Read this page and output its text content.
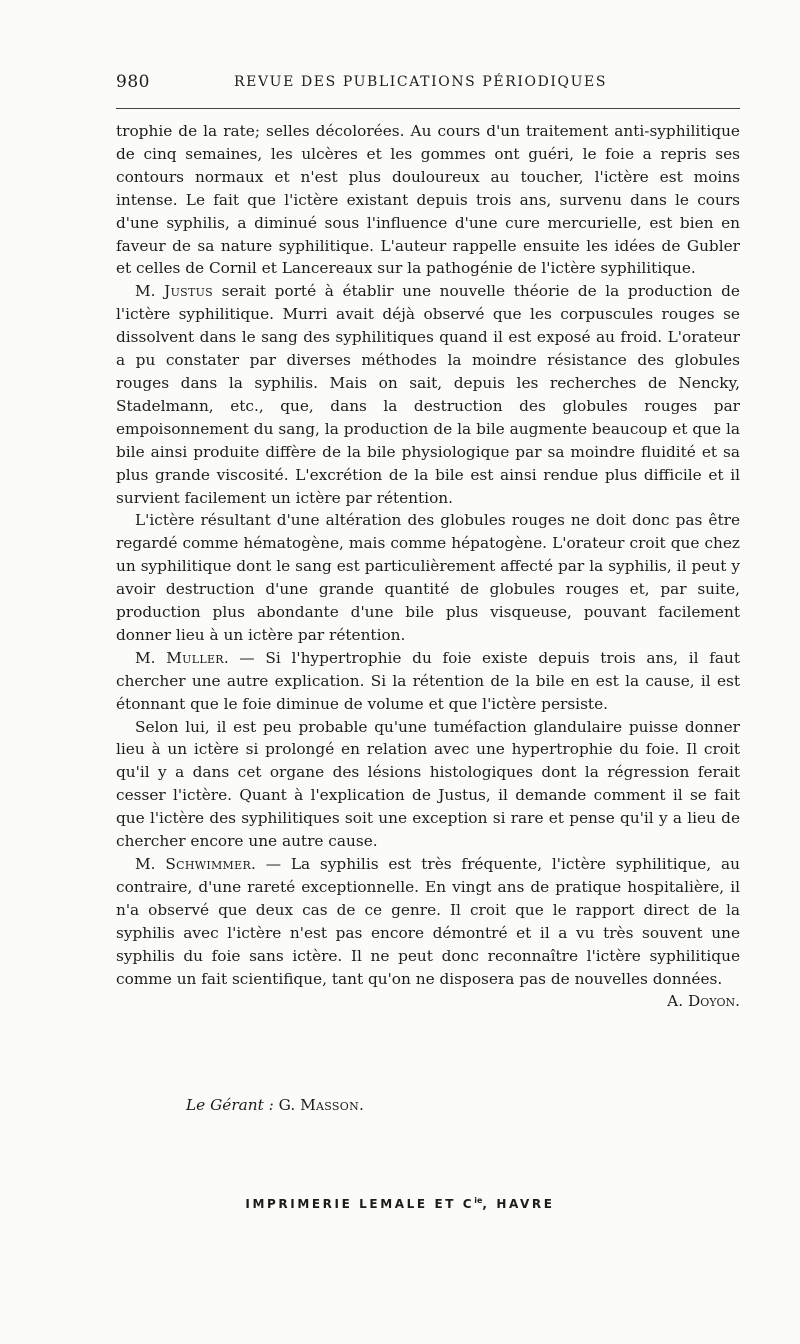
980	REVUE DES PUBLICATIONS PÉRIODIQUES

trophie de la rate; selles décolorées. Au cours d'un traitement anti-syphilitique de cinq semaines, les ulcères et les gommes ont guéri, le foie a repris ses contours normaux et n'est plus douloureux au toucher, l'ictère est moins intense. Le fait que l'ictère existant depuis trois ans, survenu dans le cours d'une syphilis, a diminué sous l'influence d'une cure mercurielle, est bien en faveur de sa nature syphilitique. L'auteur rappelle ensuite les idées de Gubler et celles de Cornil et Lancereaux sur la pathogénie de l'ictère syphilitique.

M. Justus serait porté à établir une nouvelle théorie de la production de l'ictère syphilitique. Murri avait déjà observé que les corpuscules rouges se dissolvent dans le sang des syphilitiques quand il est exposé au froid. L'orateur a pu constater par diverses méthodes la moindre résistance des globules rouges dans la syphilis. Mais on sait, depuis les recherches de Nencky, Stadelmann, etc., que, dans la destruction des globules rouges par empoisonnement du sang, la production de la bile augmente beaucoup et que la bile ainsi produite diffère de la bile physiologique par sa moindre fluidité et sa plus grande viscosité. L'excrétion de la bile est ainsi rendue plus difficile et il survient facilement un ictère par rétention.

L'ictère résultant d'une altération des globules rouges ne doit donc pas être regardé comme hématogène, mais comme hépatogène. L'orateur croit que chez un syphilitique dont le sang est particulièrement affecté par la syphilis, il peut y avoir destruction d'une grande quantité de globules rouges et, par suite, production plus abondante d'une bile plus visqueuse, pouvant facilement donner lieu à un ictère par rétention.

M. Muller. — Si l'hypertrophie du foie existe depuis trois ans, il faut chercher une autre explication. Si la rétention de la bile en est la cause, il est étonnant que le foie diminue de volume et que l'ictère persiste.

Selon lui, il est peu probable qu'une tuméfaction glandulaire puisse donner lieu à un ictère si prolongé en relation avec une hypertrophie du foie. Il croit qu'il y a dans cet organe des lésions histologiques dont la régression ferait cesser l'ictère. Quant à l'explication de Justus, il demande comment il se fait que l'ictère des syphilitiques soit une exception si rare et pense qu'il y a lieu de chercher encore une autre cause.

M. Schwimmer. — La syphilis est très fréquente, l'ictère syphilitique, au contraire, d'une rareté exceptionnelle. En vingt ans de pratique hospitalière, il n'a observé que deux cas de ce genre. Il croit que le rapport direct de la syphilis avec l'ictère n'est pas encore démontré et il a vu très souvent une syphilis du foie sans ictère. Il ne peut donc reconnaître l'ictère syphilitique comme un fait scientifique, tant qu'on ne disposera pas de nouvelles données.
A. Doyon.

Le Gérant : G. Masson.
IMPRIMERIE LEMALE ET $C^{ie}$, HAVRE
